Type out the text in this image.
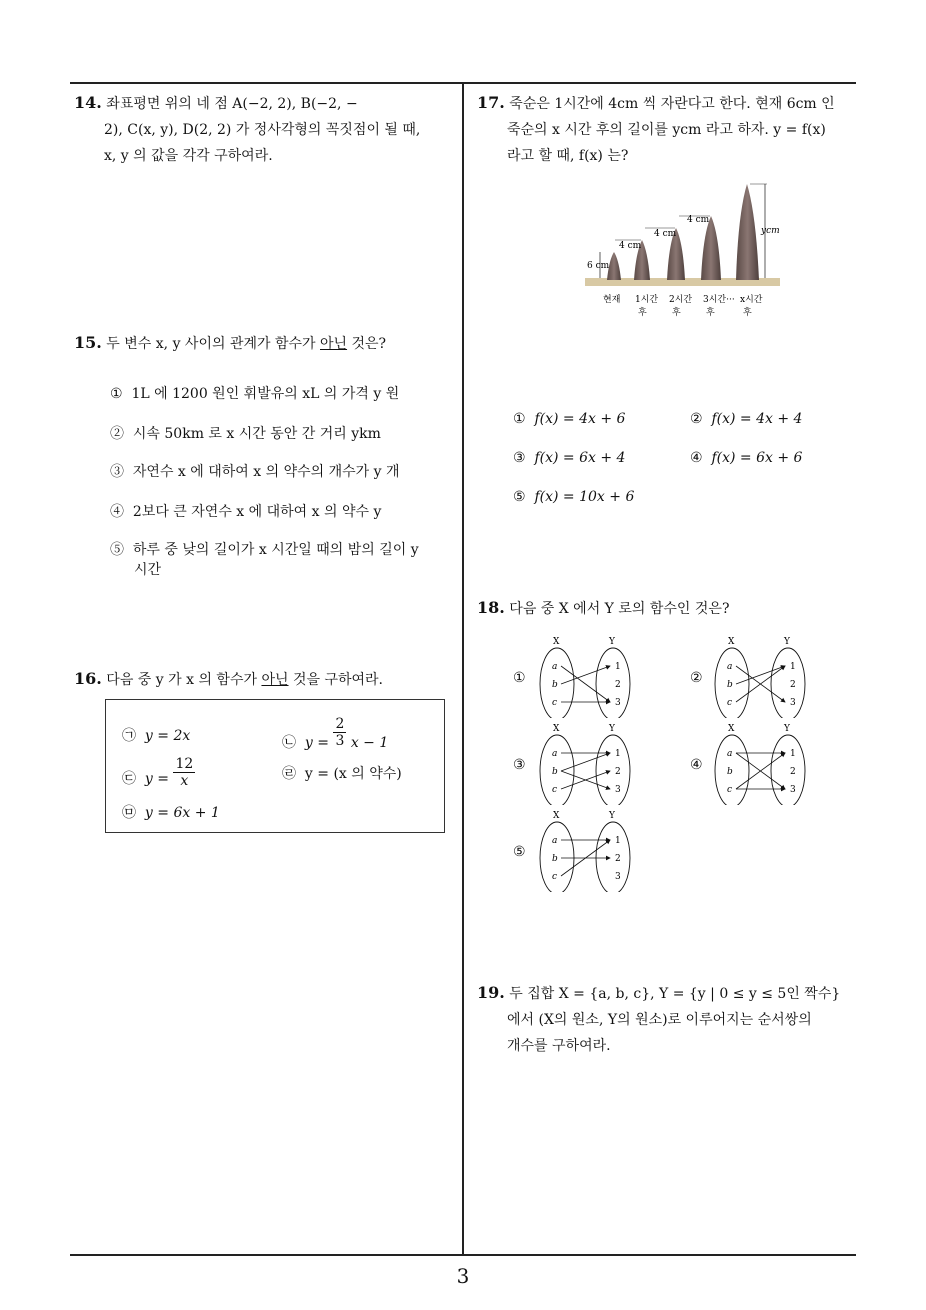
14. 좌표평면 위의 네 점 A(−2, 2), B(−2, −
2), C(x, y), D(2, 2) 가 정사각형의 꼭짓점이 될 때,
x, y 의 값을 각각 구하여라.
15. 두 변수 x, y 사이의 관계가 함수가 아닌 것은?
① 1L 에 1200 원인 휘발유의 xL 의 가격 y 원
② 시속 50km 로 x 시간 동안 간 거리 ykm
③ 자연수 x 에 대하여 x 의 약수의 개수가 y 개
④ 2보다 큰 자연수 x 에 대하여 x 의 약수 y
⑤ 하루 중 낮의 길이가 x 시간일 때의 밤의 길이 y
시간
16. 다음 중 y 가 x 의 함수가 아닌 것을 구하여라.
㉠ y = 2x	㉡ $y = \frac{2}{3}$ x − 1
㉢ $y = \frac{12}{x}$	㉣ y = (x 의 약수)
㉤ y = 6x + 1
17. 죽순은 1시간에 4cm 씩 자란다고 한다. 현재 6cm 인
죽순의 x 시간 후의 길이를 ycm 라고 하자. y = f(x)
라고 할 때, f(x) 는?
6 cm
4 cm
4 cm
4 cm
ycm
현재 1시간 2시간 3시간··· x시간
후	후	후	후
① f(x) = 4x + 6	② f(x) = 4x + 4
③ f(x) = 6x + 4	④ f(x) = 6x + 6
⑤ f(x) = 10x + 6
18. 다음 중 X 에서 Y 로의 함수인 것은?
①	②
③	④
⑤
X	Y
a
b
c
1
2
3
X	Y
a
b
c
1
2
3
X	Y
a
b
c
1
2
3
X	Y
a
b
c
1
2
3
X	Y
a
b
c
1
2
3
19. 두 집합 X = {a, b, c}, Y = {y | 0 ≤ y ≤ 5인 짝수}
에서 (X의 원소, Y의 원소)로 이루어지는 순서쌍의
개수를 구하여라.
3
